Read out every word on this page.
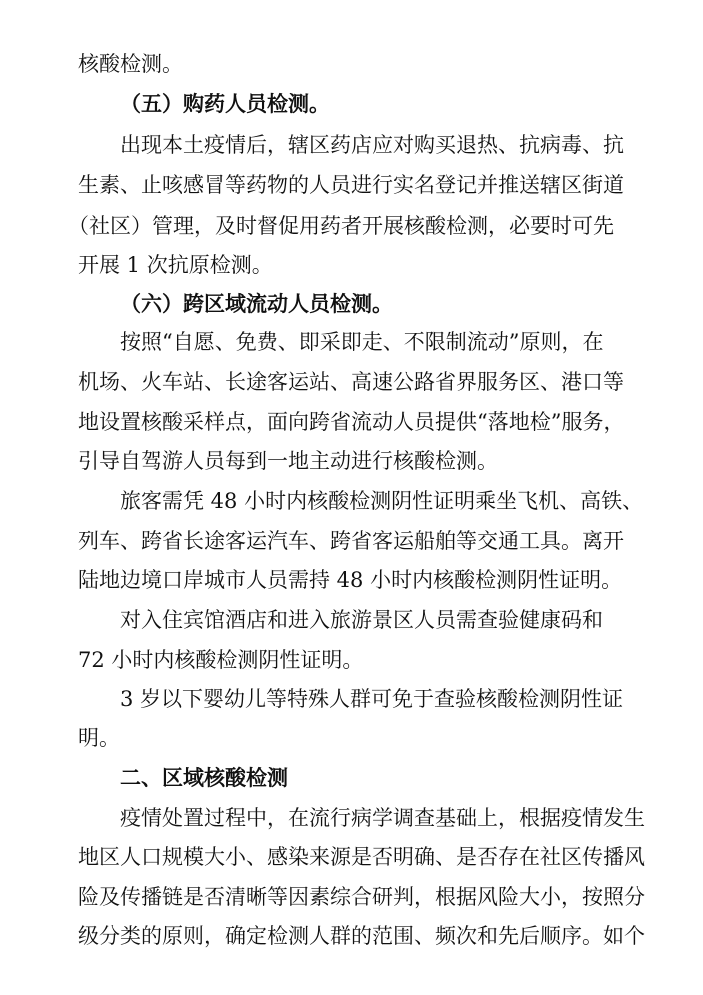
核酸检测。
（五）购药人员检测。
出现本土疫情后，辖区药店应对购买退热、抗病毒、抗
生素、止咳感冒等药物的人员进行实名登记并推送辖区街道
（社区）管理，及时督促用药者开展核酸检测，必要时可先
开展 1 次抗原检测。
（六）跨区域流动人员检测。
按照“自愿、免费、即采即走、不限制流动”原则，在
机场、火车站、长途客运站、高速公路省界服务区、港口等
地设置核酸采样点，面向跨省流动人员提供“落地检”服务，
引导自驾游人员每到一地主动进行核酸检测。
旅客需凭 48 小时内核酸检测阴性证明乘坐飞机、高铁、
列车、跨省长途客运汽车、跨省客运船舶等交通工具。离开
陆地边境口岸城市人员需持 48 小时内核酸检测阴性证明。
对入住宾馆酒店和进入旅游景区人员需查验健康码和
72 小时内核酸检测阴性证明。
3 岁以下婴幼儿等特殊人群可免于查验核酸检测阴性证
明。
二、区域核酸检测
疫情处置过程中，在流行病学调查基础上，根据疫情发生
地区人口规模大小、感染来源是否明确、是否存在社区传播风
险及传播链是否清晰等因素综合研判，根据风险大小，按照分
级分类的原则，确定检测人群的范围、频次和先后顺序。如个
